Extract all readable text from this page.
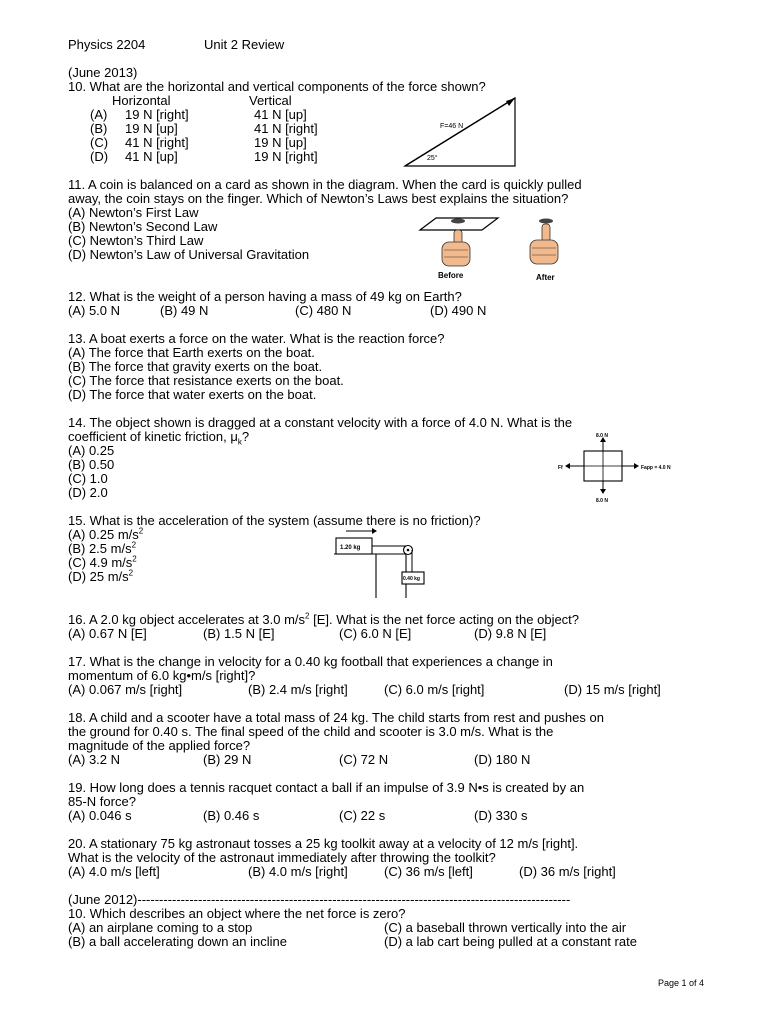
Physics 2204	Unit 2 Review
(June 2013)
10. What are the horizontal and vertical components of the force shown?
Horizontal	Vertical
(A) 19 N [right]	41 N [up]
(B) 19 N [up]	41 N [right]
(C) 41 N [right]	19 N [up]
(D) 41 N [up]	19 N [right]
F=46 N
25°
11. A coin is balanced on a card as shown in the diagram. When the card is quickly pulled
away, the coin stays on the finger. Which of Newton’s Laws best explains the situation?
(A) Newton’s First Law
(B) Newton’s Second Law
(C) Newton’s Third Law
(D) Newton’s Law of Universal Gravitation
Before	After
12. What is the weight of a person having a mass of 49 kg on Earth?
(A) 5.0 N	(B) 49 N	(C) 480 N	(D) 490 N
13. A boat exerts a force on the water. What is the reaction force?
(A) The force that Earth exerts on the boat.
(B) The force that gravity exerts on the boat.
(C) The force that resistance exerts on the boat.
(D) The force that water exerts on the boat.
14. The object shown is dragged at a constant velocity with a force of 4.0 N. What is the
coefficient of kinetic friction, $\mu_k$?
(A) 0.25
(B) 0.50
(C) 1.0
(D) 2.0
8.0 N
8.0 N
Ff	Fapp = 4.0 N
15. What is the acceleration of the system (assume there is no friction)?
(A) 0.25 $m/s^2$
(B) 2.5 $m/s^2$
(C) 4.9 $m/s^2$
(D) 25 $m/s^2$
1.20 kg
0.40 kg
16. A 2.0 kg object accelerates at 3.0 $m/s^2$ [E]. What is the net force acting on the object?
(A) 0.67 N [E]	(B) 1.5 N [E]	(C) 6.0 N [E]	(D) 9.8 N [E]
17. What is the change in velocity for a 0.40 kg football that experiences a change in
momentum of 6.0 kg•m/s [right]?
(A) 0.067 m/s [right]	(B) 2.4 m/s [right]	(C) 6.0 m/s [right]	(D) 15 m/s [right]
18. A child and a scooter have a total mass of 24 kg. The child starts from rest and pushes on
the ground for 0.40 s. The final speed of the child and scooter is 3.0 m/s. What is the
magnitude of the applied force?
(A) 3.2 N	(B) 29 N	(C) 72 N	(D) 180 N
19. How long does a tennis racquet contact a ball if an impulse of 3.9 N•s is created by an
85-N force?
(A) 0.046 s	(B) 0.46 s	(C) 22 s	(D) 330 s
20. A stationary 75 kg astronaut tosses a 25 kg toolkit away at a velocity of 12 m/s [right].
What is the velocity of the astronaut immediately after throwing the toolkit?
(A) 4.0 m/s [left]	(B) 4.0 m/s [right]	(C) 36 m/s [left]	(D) 36 m/s [right]
(June 2012)----------------------------------------------------------------------------------------------------
10. Which describes an object where the net force is zero?
(A) an airplane coming to a stop	(C) a baseball thrown vertically into the air
(B) a ball accelerating down an incline	(D) a lab cart being pulled at a constant rate
Page 1 of 4
